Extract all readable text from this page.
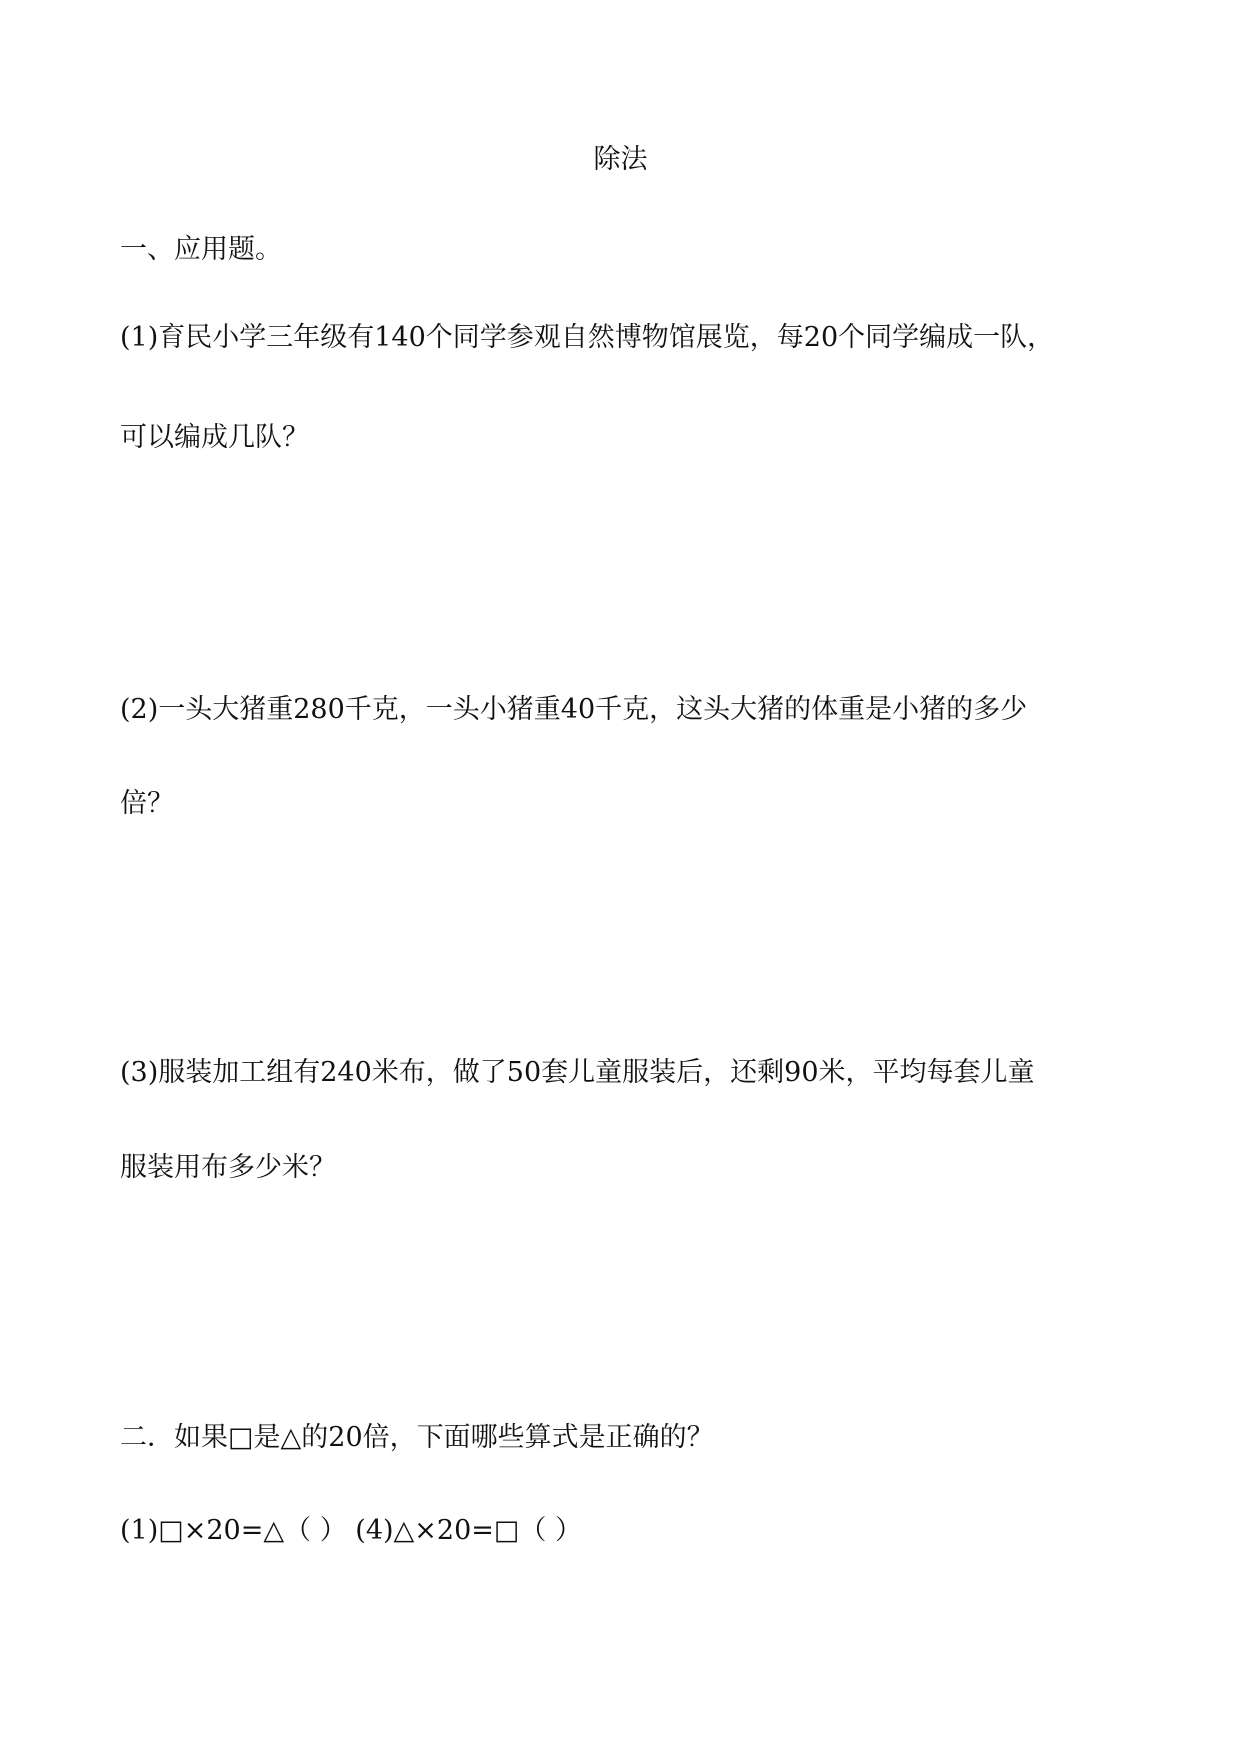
除法
一、应用题。
(1)育民小学三年级有140个同学参观自然博物馆展览，每20个同学编成一队，
可以编成几队？
(2)一头大猪重280千克，一头小猪重40千克，这头大猪的体重是小猪的多少
倍？
(3)服装加工组有240米布，做了50套儿童服装后，还剩90米，平均每套儿童
服装用布多少米？
二．如果□是△的20倍，下面哪些算式是正确的？
(1)□×20=△（ ） (4)△×20=□（ ）
